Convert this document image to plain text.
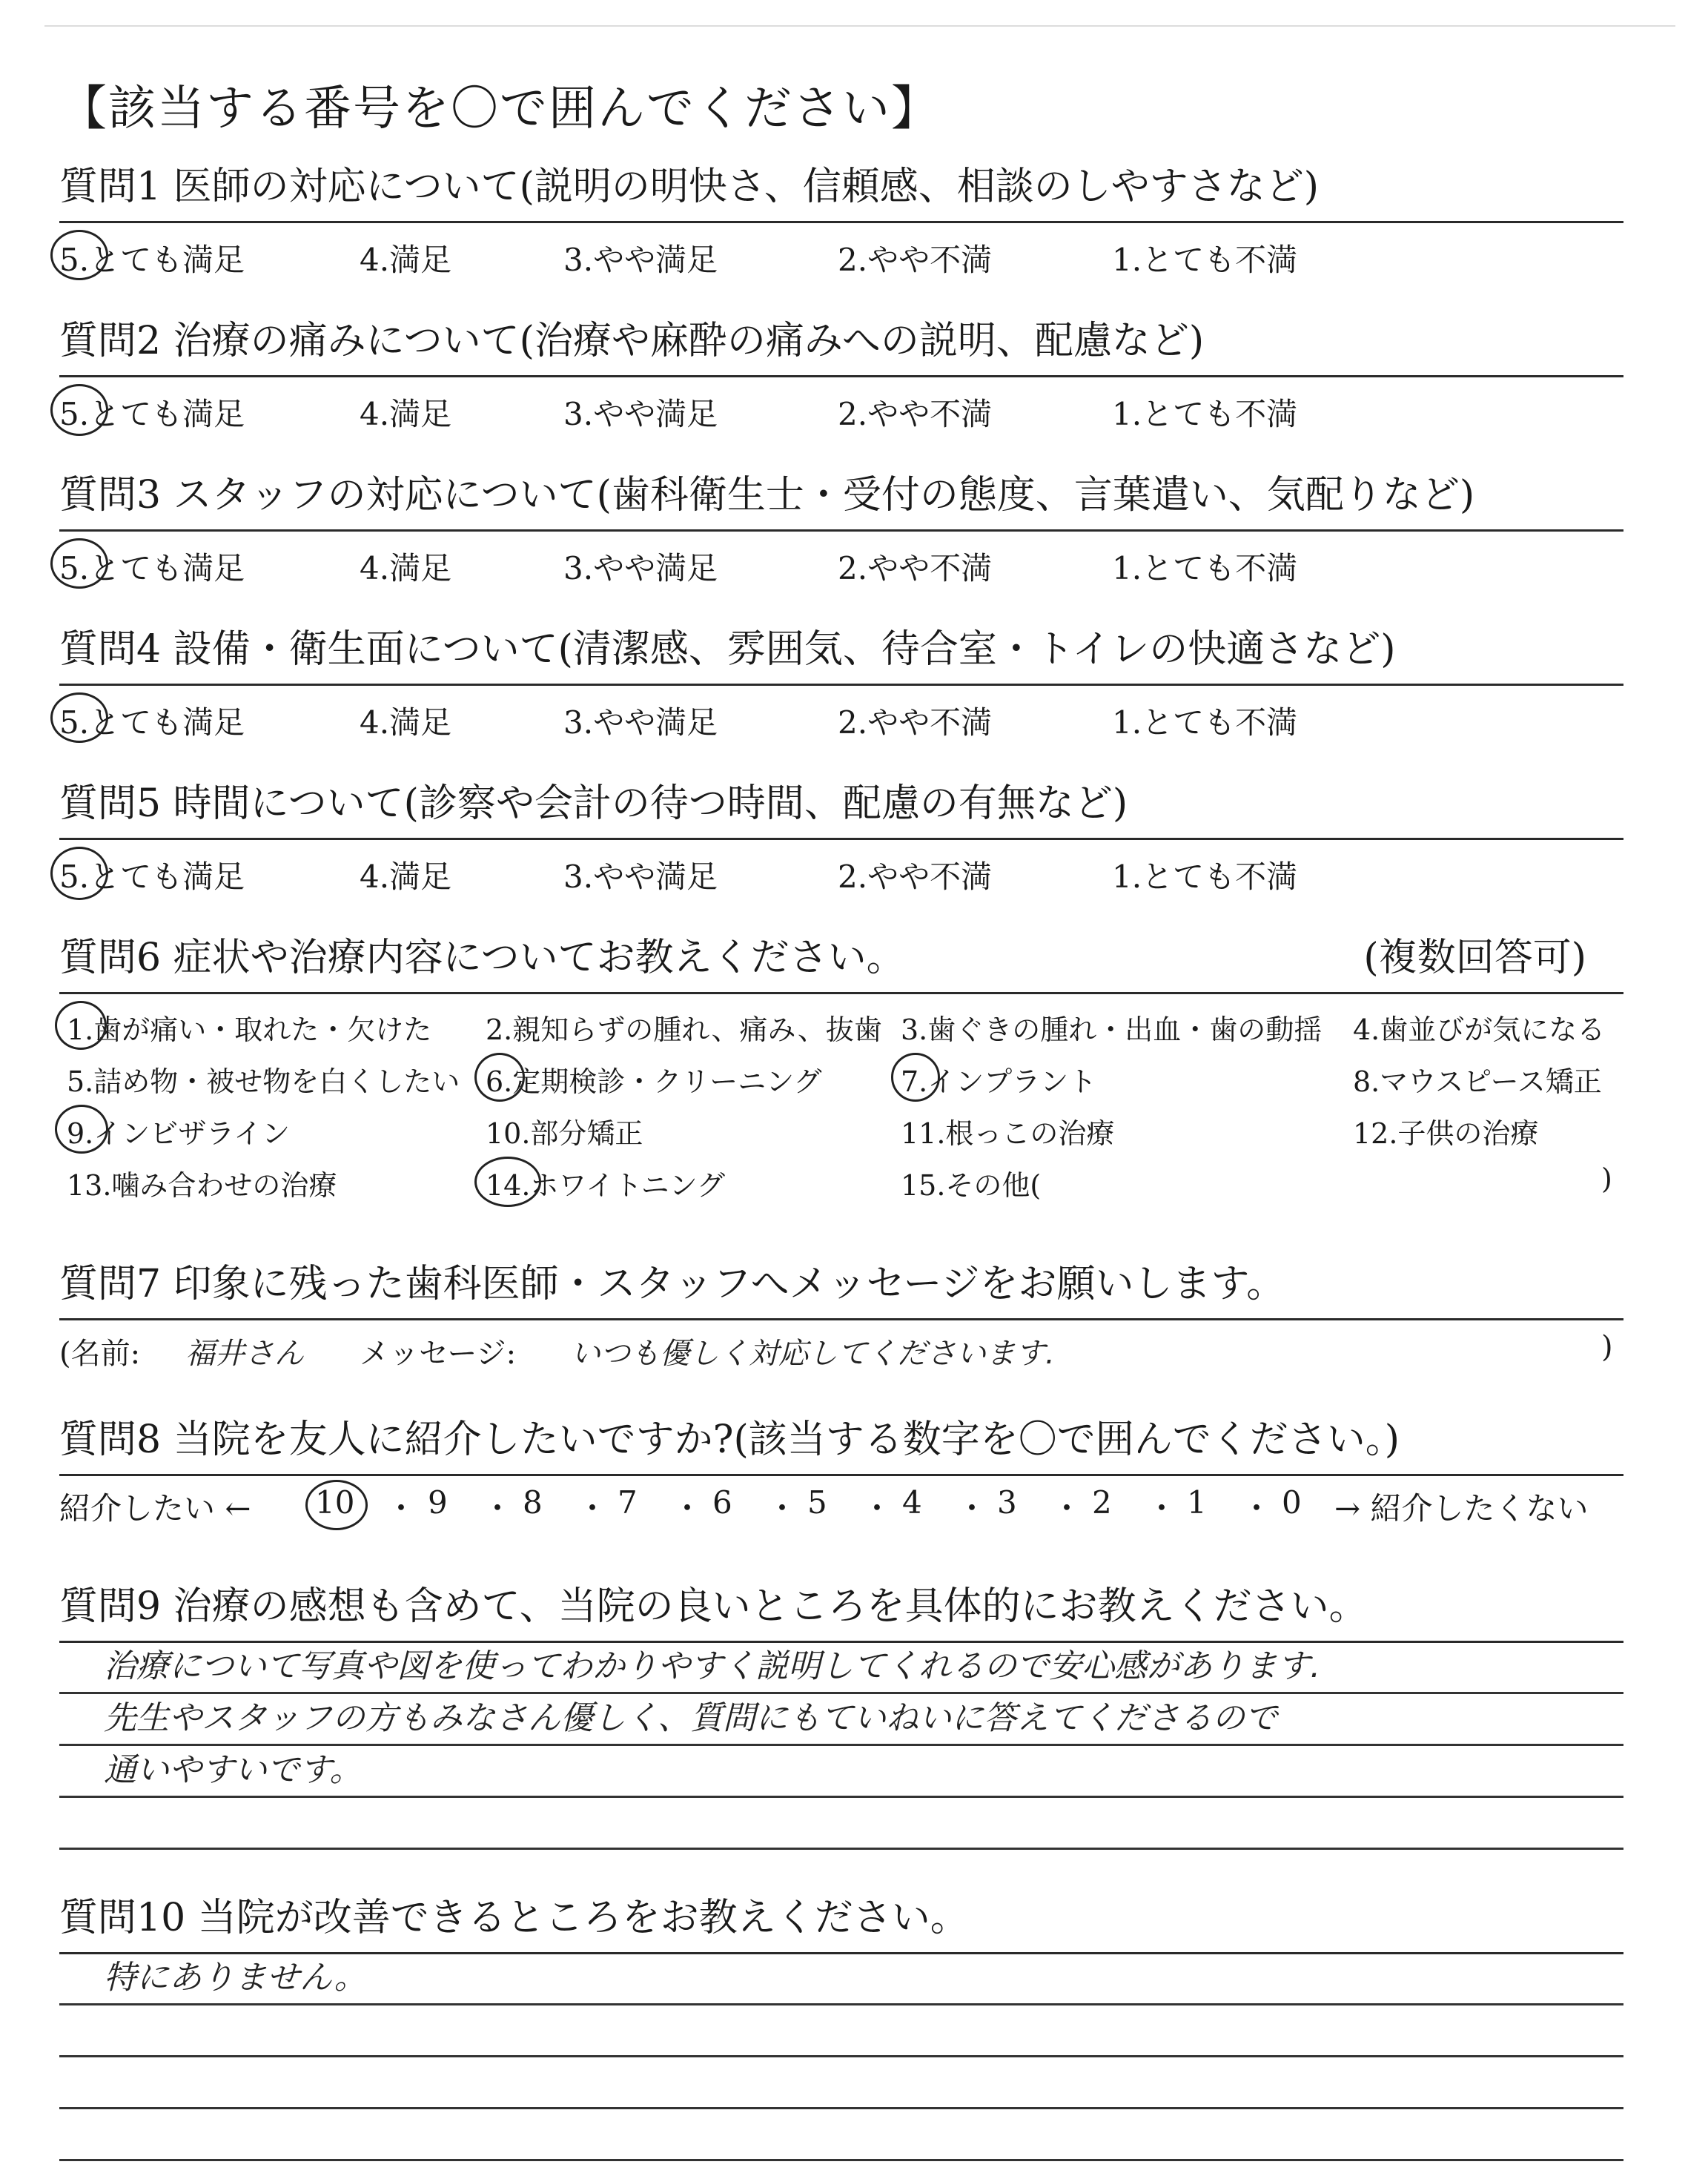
【該当する番号を〇で囲んでください】
質問1 医師の対応について(説明の明快さ、信頼感、相談のしやすさなど)
5.とても満足	4.満足	3.やや満足	2.やや不満	1.とても不満
質問2 治療の痛みについて(治療や麻酔の痛みへの説明、配慮など)
5.とても満足	4.満足	3.やや満足	2.やや不満	1.とても不満
質問3 スタッフの対応について(歯科衛生士・受付の態度、言葉遣い、気配りなど)
5.とても満足	4.満足	3.やや満足	2.やや不満	1.とても不満
質問4 設備・衛生面について(清潔感、雰囲気、待合室・トイレの快適さなど)
5.とても満足	4.満足	3.やや満足	2.やや不満	1.とても不満
質問5 時間について(診察や会計の待つ時間、配慮の有無など)
5.とても満足	4.満足	3.やや満足	2.やや不満	1.とても不満
質問6 症状や治療内容についてお教えください。	(複数回答可)
1.歯が痛い・取れた・欠けた 2.親知らずの腫れ、痛み、抜歯 3.歯ぐきの腫れ・出血・歯の動揺 4.歯並びが気になる
5.詰め物・被せ物を白くしたい 6.定期検診・クリーニング	7.インプラント	8.マウスピース矯正
9.インビザライン	10.部分矯正	11.根っこの治療	12.子供の治療
13.噛み合わせの治療	14.ホワイトニング	15.その他(	)
質問7 印象に残った歯科医師・スタッフへメッセージをお願いします。
(名前: 福井さん メッセージ: いつも優しく対応してくださいます.	)
質問8 当院を友人に紹介したいですか?(該当する数字を〇で囲んでください。)
紹介したい ← 10 ・ 9 ・ 8 ・ 7 ・ 6 ・ 5 ・ 4 ・ 3 ・ 2 ・ 1 ・ 0 → 紹介したくない
質問9 治療の感想も含めて、当院の良いところを具体的にお教えください。
治療について写真や図を使ってわかりやすく説明してくれるので安心感があります.
先生やスタッフの方もみなさん優しく、質問にもていねいに答えてくださるので
通いやすいです。
質問10 当院が改善できるところをお教えください。
特にありません。
